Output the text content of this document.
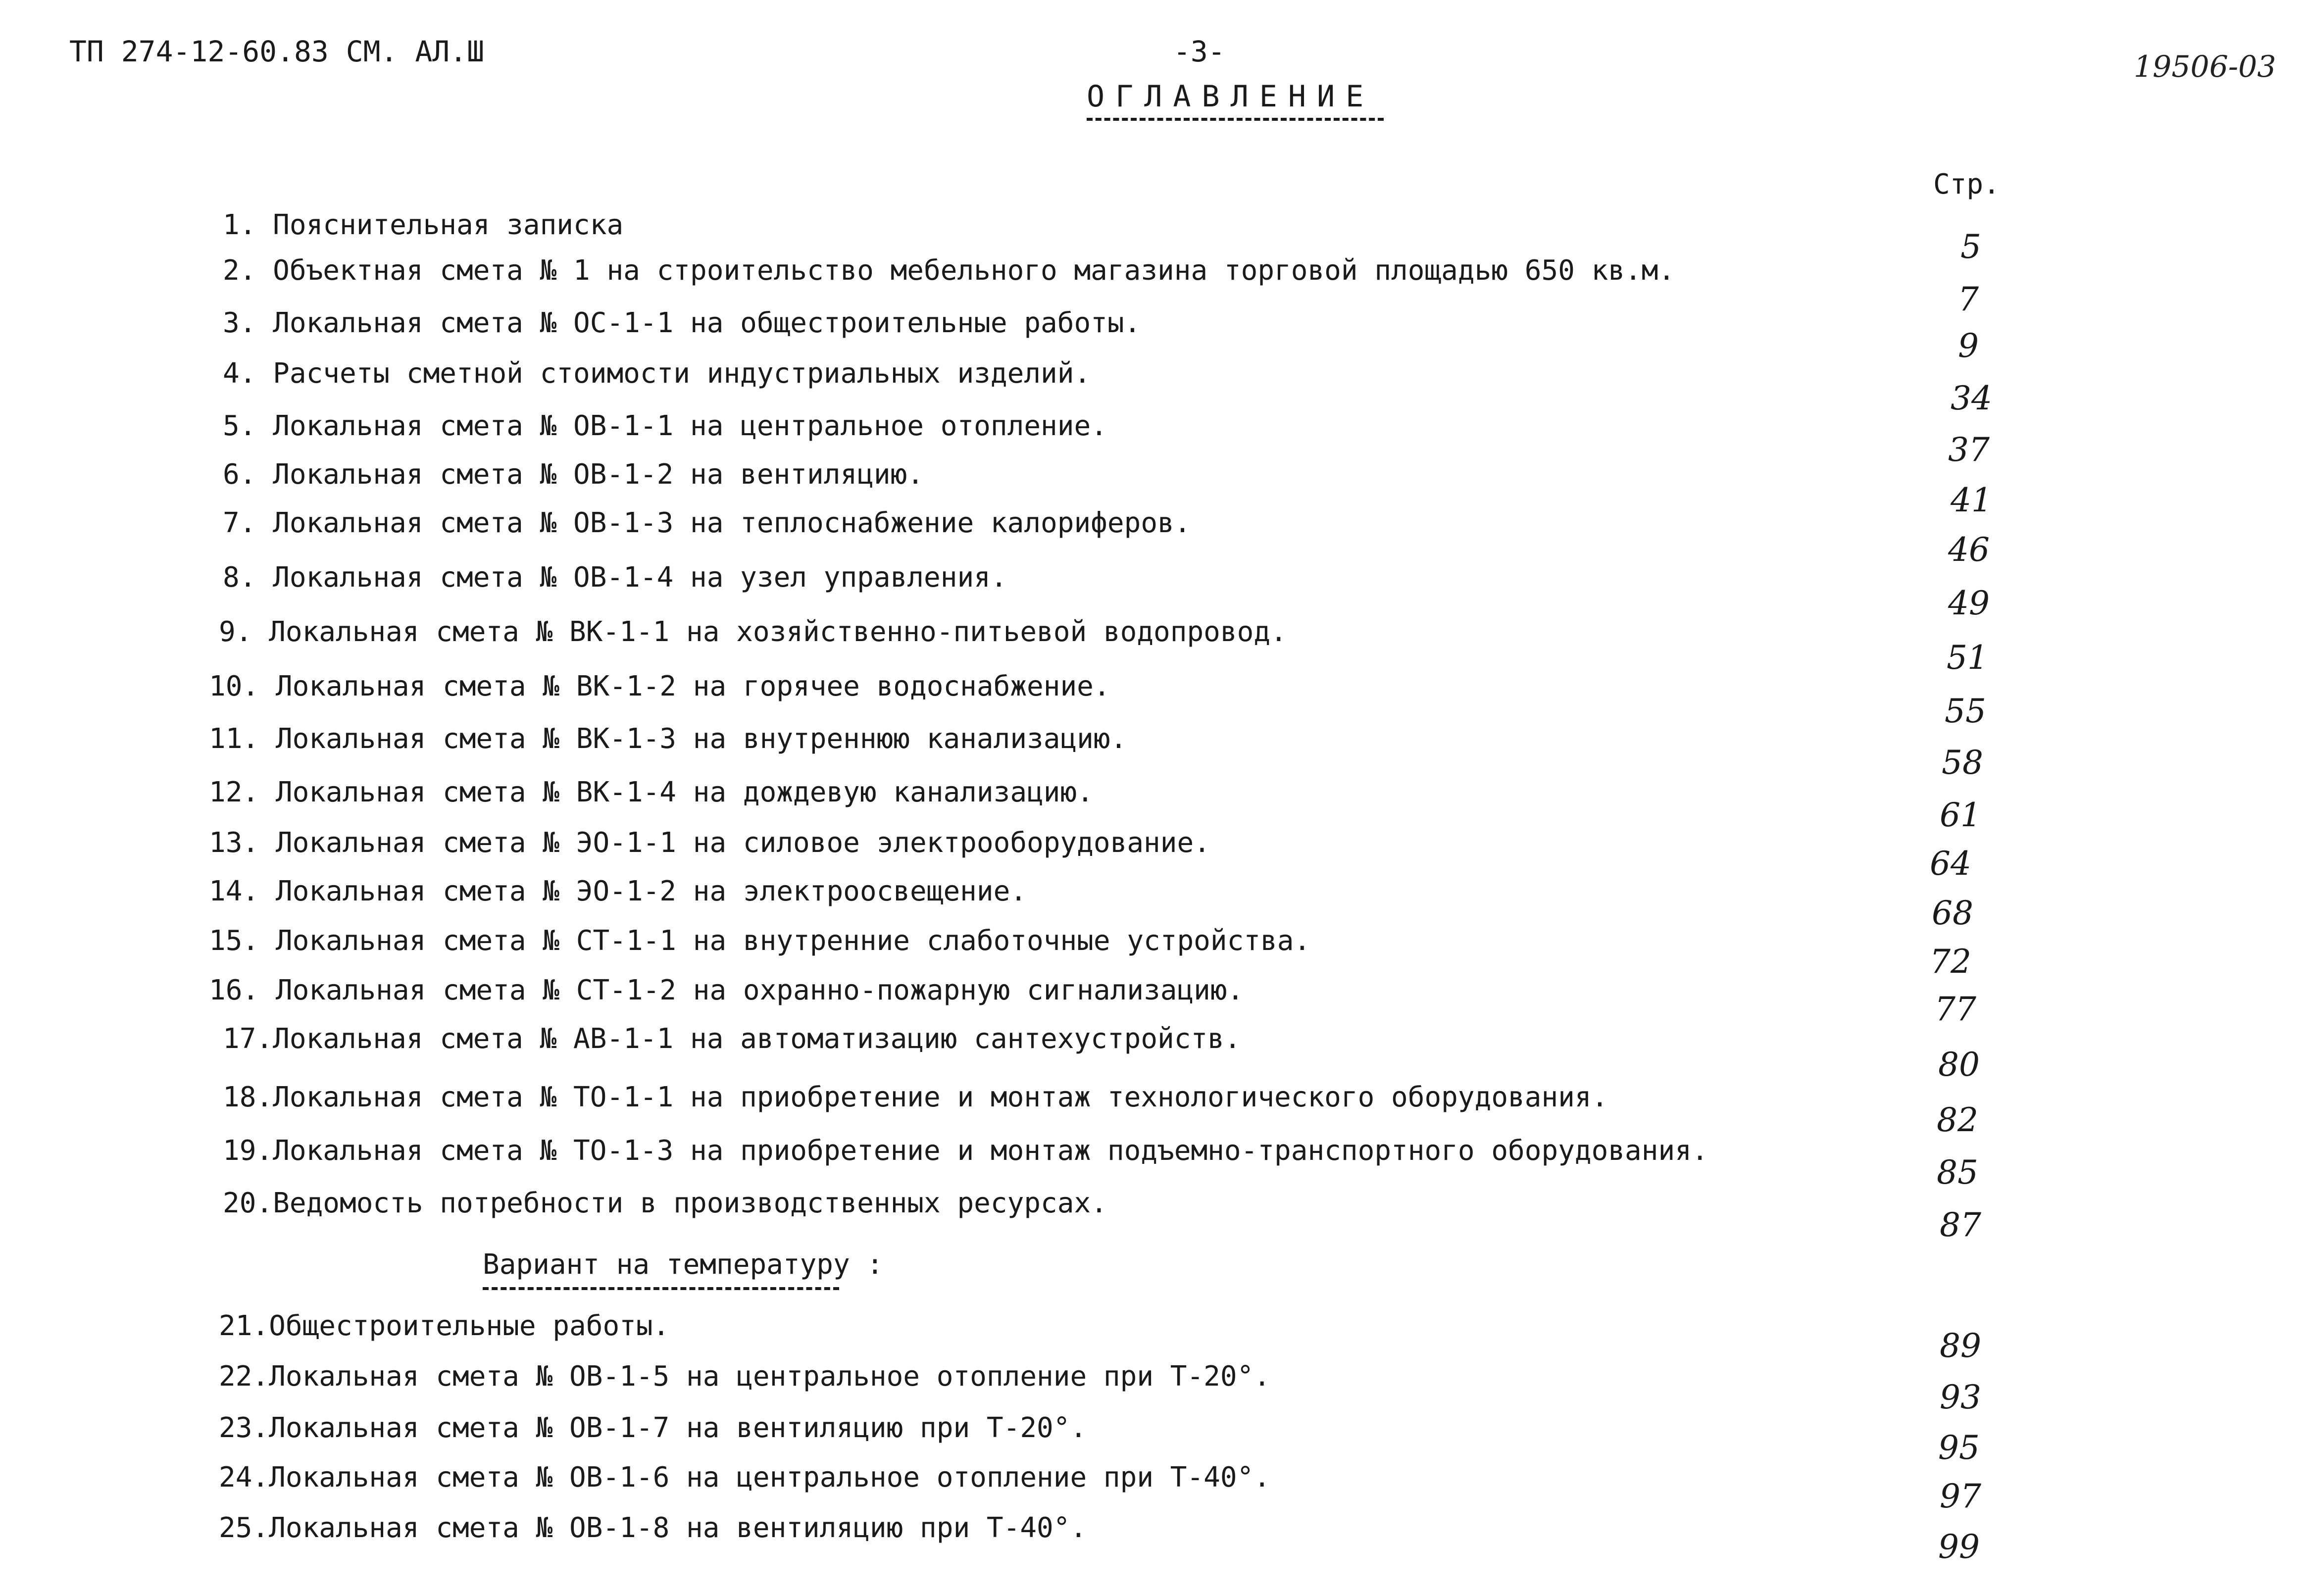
ТП 274-12-60.83 СМ. АЛ.Ш	-3-	19506-03
ОГЛАВЛЕНИЕ
Стр.
1. Пояснительная записка
2. Объектная смета № 1 на строительство мебельного магазина торговой площадью 650 кв.м.
3. Локальная смета № ОС-1-1 на общестроительные работы.
4. Расчеты сметной стоимости индустриальных изделий.
5. Локальная смета № ОВ-1-1 на центральное отопление.
6. Локальная смета № ОВ-1-2 на вентиляцию.
7. Локальная смета № ОВ-1-3 на теплоснабжение калориферов.
8. Локальная смета № ОВ-1-4 на узел управления.
9. Локальная смета № ВК-1-1 на хозяйственно-питьевой водопровод.
10. Локальная смета № ВК-1-2 на горячее водоснабжение.
11. Локальная смета № ВК-1-3 на внутреннюю канализацию.
12. Локальная смета № ВК-1-4 на дождевую канализацию.
13. Локальная смета № ЭО-1-1 на силовое электрооборудование.
14. Локальная смета № ЭО-1-2 на электроосвещение.
15. Локальная смета № СТ-1-1 на внутренние слаботочные устройства.
16. Локальная смета № СТ-1-2 на охранно-пожарную сигнализацию.
17.Локальная смета № АВ-1-1 на автоматизацию сантехустройств.
18.Локальная смета № ТО-1-1 на приобретение и монтаж технологического оборудования.
19.Локальная смета № ТО-1-3 на приобретение и монтаж подъемно-транспортного оборудования.
20.Ведомость потребности в производственных ресурсах.
Вариант на температуру :
21.Общестроительные работы.
22.Локальная смета № ОВ-1-5 на центральное отопление при Т-20°.
23.Локальная смета № ОВ-1-7 на вентиляцию при Т-20°.
24.Локальная смета № ОВ-1-6 на центральное отопление при Т-40°.
25.Локальная смета № ОВ-1-8 на вентиляцию при Т-40°.
5
7
9
34
37
41
46
49
51
55
58
61
64
68
72
77
80
82
85
87
89
93
95
97
99
